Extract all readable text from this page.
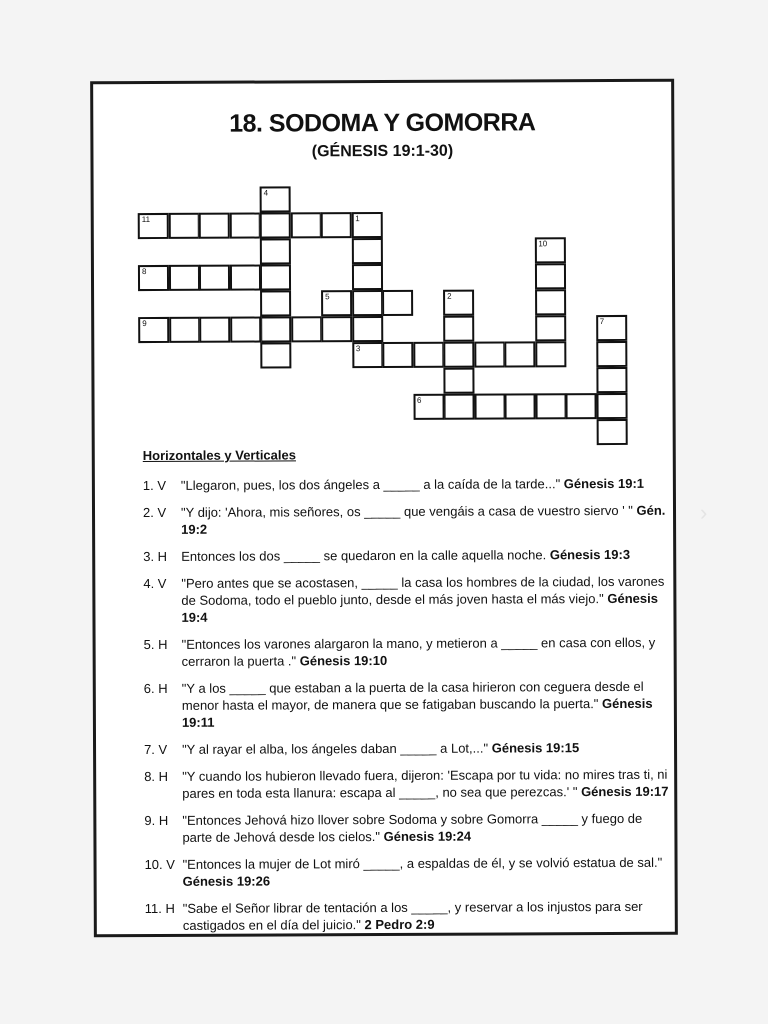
›
18. SODOMA Y GOMORRA
(GÉNESIS 19:1-30)
11	1
4
8
5
9
3
2
10
6
7
Horizontales y Verticales
1. V "Llegaron, pues, los dos ángeles a _____ a la caída de la tarde..." Génesis 19:1
2. V "Y dijo: 'Ahora, mis señores, os _____ que vengáis a casa de vuestro siervo ' " Gén. 19:2
3. H Entonces los dos _____ se quedaron en la calle aquella noche. Génesis 19:3
4. V "Pero antes que se acostasen, _____ la casa los hombres de la ciudad, los varones de Sodoma, todo el pueblo junto, desde el más joven hasta el más viejo." Génesis 19:4
5. H "Entonces los varones alargaron la mano, y metieron a _____ en casa con ellos, y cerraron la puerta ." Génesis 19:10
6. H "Y a los _____ que estaban a la puerta de la casa hirieron con ceguera desde el menor hasta el mayor, de manera que se fatigaban buscando la puerta." Génesis 19:11
7. V "Y al rayar el alba, los ángeles daban _____ a Lot,..." Génesis 19:15
8. H "Y cuando los hubieron llevado fuera, dijeron: 'Escapa por tu vida: no mires tras ti, ni pares en toda esta llanura: escapa al _____, no sea que perezcas.' " Génesis 19:17
9. H "Entonces Jehová hizo llover sobre Sodoma y sobre Gomorra _____ y fuego de parte de Jehová desde los cielos." Génesis 19:24
10. V "Entonces la mujer de Lot miró _____, a espaldas de él, y se volvió estatua de sal." Génesis 19:26
11. H "Sabe el Señor librar de tentación a los _____, y reservar a los injustos para ser castigados en el día del juicio." 2 Pedro 2:9
